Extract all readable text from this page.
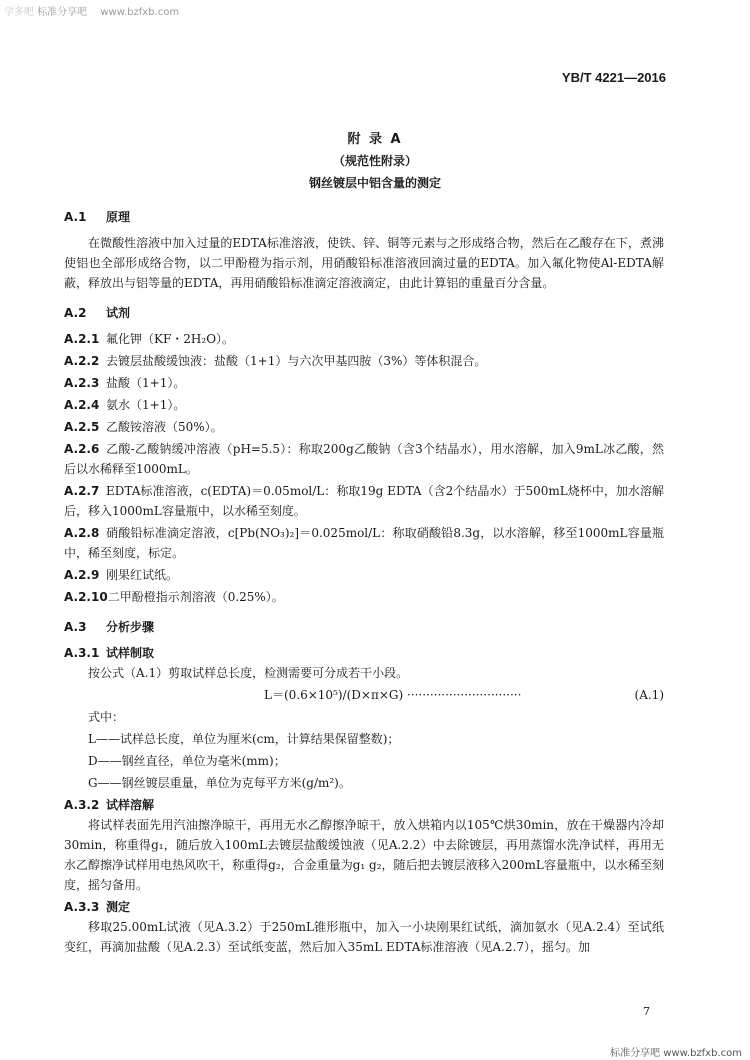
学多吧 标准分享吧 www.bzfxb.com
YB/T 4221—2016
附 录 A
（规范性附录）
钢丝镀层中铝含量的测定
A.1 原理

在微酸性溶液中加入过量的EDTA标准溶液，使铁、锌、铜等元素与之形成络合物，然后在乙酸存在下，煮沸使铝也全部形成络合物，以二甲酚橙为指示剂，用硝酸铅标准溶液回滴过量的EDTA。加入氟化物使Al-EDTA解蔽，释放出与铝等量的EDTA，再用硝酸铅标准滴定溶液滴定，由此计算铝的重量百分含量。

A.2 试剂
A.2.1 氟化钾（KF・2H₂O）。
A.2.2 去镀层盐酸缓蚀液：盐酸（1+1）与六次甲基四胺（3%）等体积混合。
A.2.3 盐酸（1+1）。
A.2.4 氨水（1+1）。
A.2.5 乙酸铵溶液（50%）。
A.2.6 乙酸-乙酸钠缓冲溶液（pH=5.5）：称取200g乙酸钠（含3个结晶水），用水溶解，加入9mL冰乙酸，然后以水稀释至1000mL。
A.2.7 EDTA标准溶液，c(EDTA)＝0.05mol/L：称取19g EDTA（含2个结晶水）于500mL烧杯中，加水溶解后，移入1000mL容量瓶中，以水稀至刻度。
A.2.8 硝酸铅标准滴定溶液，c[Pb(NO₃)₂]＝0.025mol/L：称取硝酸铅8.3g，以水溶解，移至1000mL容量瓶中，稀至刻度，标定。
A.2.9 刚果红试纸。
A.2.10二甲酚橙指示剂溶液（0.25%）。
A.3 分析步骤
A.3.1 试样制取

按公式（A.1）剪取试样总长度，检测需要可分成若干小段。

L＝(0.6×10⁵)/(D×π×G) ······························	(A.1)
式中：
L——试样总长度，单位为厘米(cm，计算结果保留整数)；
D——钢丝直径，单位为毫米(mm)；
G——钢丝镀层重量，单位为克每平方米(g/m²)。
A.3.2 试样溶解

将试样表面先用汽油擦净晾干，再用无水乙醇擦净晾干，放入烘箱内以105℃烘30min，放在干燥器内冷却30min，称重得g₁，随后放入100mL去镀层盐酸缓蚀液（见A.2.2）中去除镀层，再用蒸馏水洗净试样，再用无水乙醇擦净试样用电热风吹干，称重得g₂，合金重量为g₁ g₂，随后把去镀层液移入200mL容量瓶中，以水稀至刻度，摇匀备用。

A.3.3 测定

移取25.00mL试液（见A.3.2）于250mL锥形瓶中，加入一小块刚果红试纸，滴加氨水（见A.2.4）至试纸变红，再滴加盐酸（见A.2.3）至试纸变蓝，然后加入35mL EDTA标准溶液（见A.2.7），摇匀。加

7
标准分享吧 www.bzfxb.com
